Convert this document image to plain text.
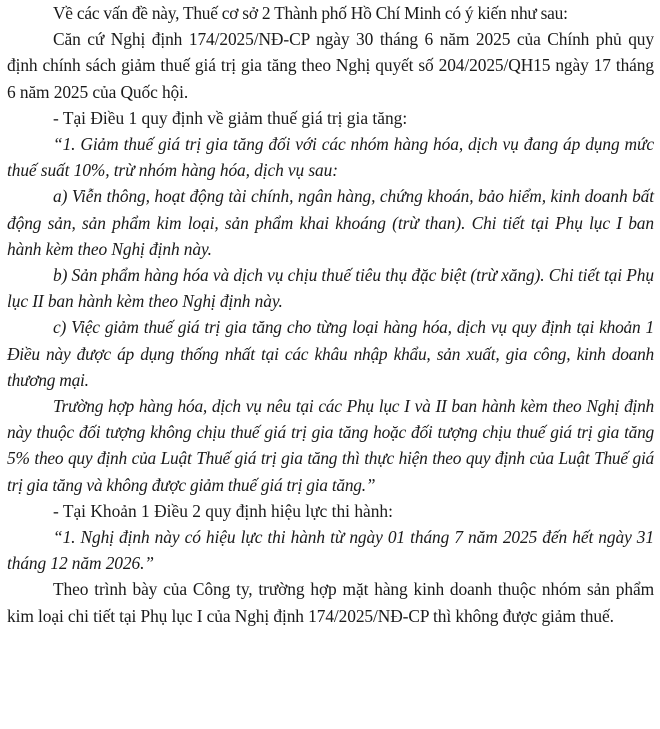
Về các vấn đề này, Thuế cơ sở 2 Thành phố Hồ Chí Minh có ý kiến như sau:

Căn cứ Nghị định 174/2025/NĐ-CP ngày 30 tháng 6 năm 2025 của Chính phủ quy định chính sách giảm thuế giá trị gia tăng theo Nghị quyết số 204/2025/QH15 ngày 17 tháng 6 năm 2025 của Quốc hội.

- Tại Điều 1 quy định về giảm thuế giá trị gia tăng:

“1. Giảm thuế giá trị gia tăng đối với các nhóm hàng hóa, dịch vụ đang áp dụng mức thuế suất 10%, trừ nhóm hàng hóa, dịch vụ sau:

a) Viễn thông, hoạt động tài chính, ngân hàng, chứng khoán, bảo hiểm, kinh doanh bất động sản, sản phẩm kim loại, sản phẩm khai khoáng (trừ than). Chi tiết tại Phụ lục I ban hành kèm theo Nghị định này.

b) Sản phẩm hàng hóa và dịch vụ chịu thuế tiêu thụ đặc biệt (trừ xăng). Chi tiết tại Phụ lục II ban hành kèm theo Nghị định này.

c) Việc giảm thuế giá trị gia tăng cho từng loại hàng hóa, dịch vụ quy định tại khoản 1 Điều này được áp dụng thống nhất tại các khâu nhập khẩu, sản xuất, gia công, kinh doanh thương mại.

Trường hợp hàng hóa, dịch vụ nêu tại các Phụ lục I và II ban hành kèm theo Nghị định này thuộc đối tượng không chịu thuế giá trị gia tăng hoặc đối tượng chịu thuế giá trị gia tăng 5% theo quy định của Luật Thuế giá trị gia tăng thì thực hiện theo quy định của Luật Thuế giá trị gia tăng và không được giảm thuế giá trị gia tăng.”

- Tại Khoản 1 Điều 2 quy định hiệu lực thi hành:

“1. Nghị định này có hiệu lực thi hành từ ngày 01 tháng 7 năm 2025 đến hết ngày 31 tháng 12 năm 2026.”

Theo trình bày của Công ty, trường hợp mặt hàng kinh doanh thuộc nhóm sản phẩm kim loại chi tiết tại Phụ lục I của Nghị định 174/2025/NĐ-CP thì không được giảm thuế.
